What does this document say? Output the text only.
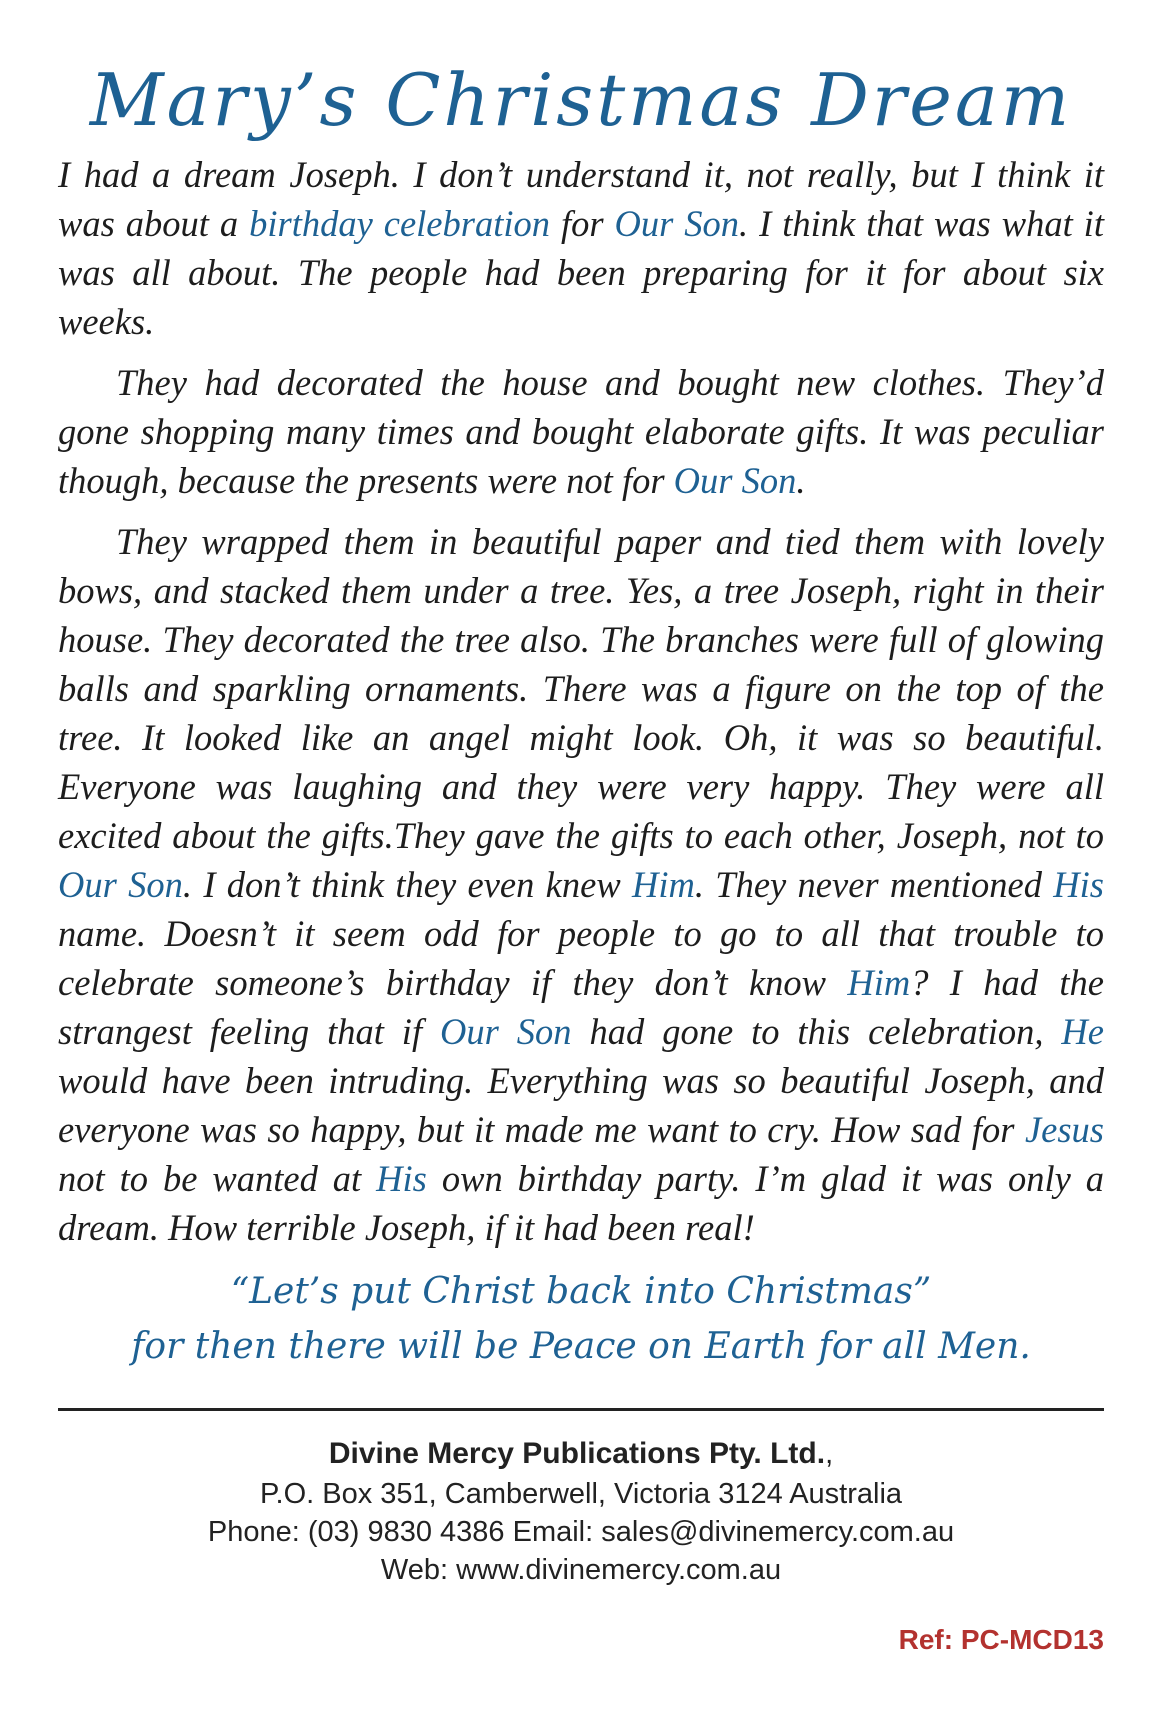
Mary’s Christmas Dream

I had a dream Joseph. I don’t understand it, not really, but I think it was about a birthday celebration for Our Son. I think that was what it was all about. The people had been preparing for it for about six weeks.

They had decorated the house and bought new clothes. They’d gone shopping many times and bought elaborate gifts. It was peculiar though, because the presents were not for Our Son.

They wrapped them in beautiful paper and tied them with lovely bows, and stacked them under a tree. Yes, a tree Joseph, right in their house. They decorated the tree also. The branches were full of glowing balls and sparkling ornaments. There was a figure on the top of the tree. It looked like an angel might look. Oh, it was so beautiful. Everyone was laughing and they were very happy. They were all excited about the gifts.They gave the gifts to each other, Joseph, not to Our Son. I don’t think they even knew Him. They never mentioned His name. Doesn’t it seem odd for people to go to all that trouble to celebrate someone’s birthday if they don’t know Him? I had the strangest feeling that if Our Son had gone to this celebration, He would have been intruding. Everything was so beautiful Joseph, and everyone was so happy, but it made me want to cry. How sad for Jesus not to be wanted at His own birthday party. I’m glad it was only a dream. How terrible Joseph, if it had been real!

“Let’s put Christ back into Christmas”
for then there will be Peace on Earth for all Men.
Divine Mercy Publications Pty. Ltd.,
P.O. Box 351, Camberwell, Victoria 3124 Australia
Phone: (03) 9830 4386 Email: sales@divinemercy.com.au
Web: www.divinemercy.com.au
Ref: PC-MCD13
